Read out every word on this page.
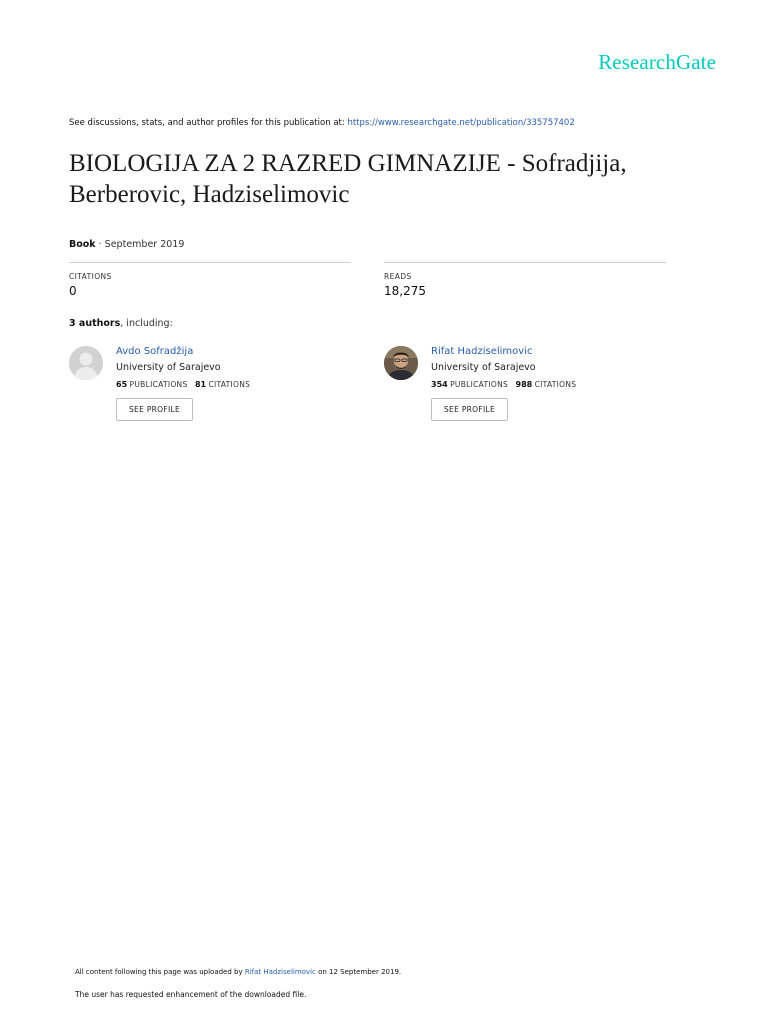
ResearchGate
See discussions, stats, and author profiles for this publication at: https://www.researchgate.net/publication/335757402
BIOLOGIJA ZA 2 RAZRED GIMNAZIJE - Sofradjija, Berberovic, Hadziselimovic
Book · September 2019
CITATIONS
0
READS
18,275
3 authors, including:
Avdo Sofradžija
University of Sarajevo
65 PUBLICATIONS 81 CITATIONS
SEE PROFILE
Rifat Hadziselimovic
University of Sarajevo
354 PUBLICATIONS 988 CITATIONS
SEE PROFILE
All content following this page was uploaded by Rifat Hadziselimovic on 12 September 2019.
The user has requested enhancement of the downloaded file.
